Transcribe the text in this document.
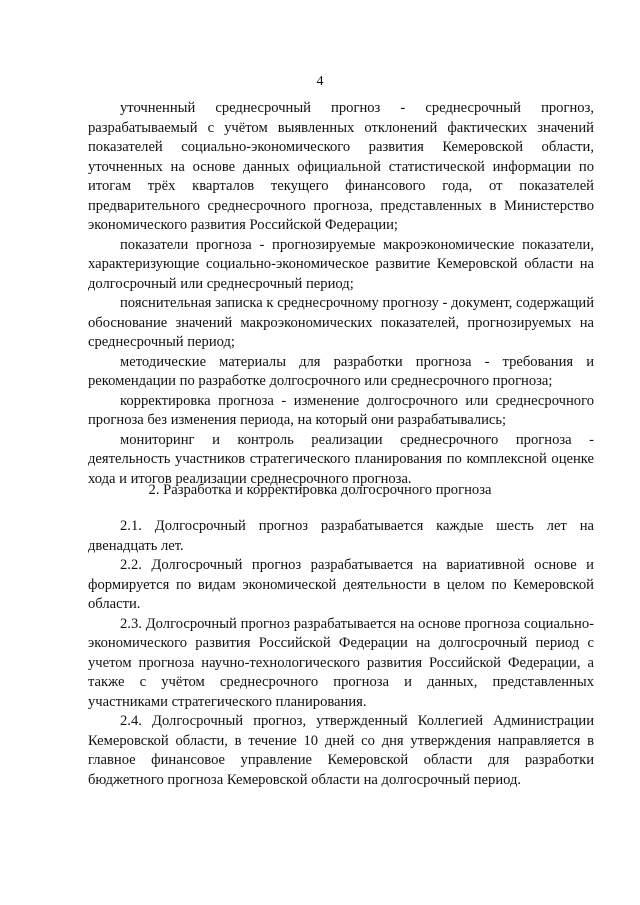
4

уточненный среднесрочный прогноз - среднесрочный прогноз, разрабатываемый с учётом выявленных отклонений фактических значений показателей социально-экономического развития Кемеровской области, уточненных на основе данных официальной статистической информации по итогам трёх кварталов текущего финансового года, от показателей предварительного среднесрочного прогноза, представленных в Министерство экономического развития Российской Федерации;

показатели прогноза - прогнозируемые макроэкономические показатели, характеризующие социально-экономическое развитие Кемеровской области на долгосрочный или среднесрочный период;

пояснительная записка к среднесрочному прогнозу - документ, содержащий обоснование значений макроэкономических показателей, прогнозируемых на среднесрочный период;

методические материалы для разработки прогноза - требования и рекомендации по разработке долгосрочного или среднесрочного прогноза;

корректировка прогноза - изменение долгосрочного или среднесрочного прогноза без изменения периода, на который они разрабатывались;

мониторинг и контроль реализации среднесрочного прогноза - деятельность участников стратегического планирования по комплексной оценке хода и итогов реализации среднесрочного прогноза.

2. Разработка и корректировка долгосрочного прогноза

2.1. Долгосрочный прогноз разрабатывается каждые шесть лет на двенадцать лет.

2.2. Долгосрочный прогноз разрабатывается на вариативной основе и формируется по видам экономической деятельности в целом по Кемеровской области.

2.3. Долгосрочный прогноз разрабатывается на основе прогноза социально-экономического развития Российской Федерации на долгосрочный период с учетом прогноза научно-технологического развития Российской Федерации, а также с учётом среднесрочного прогноза и данных, представленных участниками стратегического планирования.

2.4. Долгосрочный прогноз, утвержденный Коллегией Администрации Кемеровской области, в течение 10 дней со дня утверждения направляется в главное финансовое управление Кемеровской области для разработки бюджетного прогноза Кемеровской области на долгосрочный период.
